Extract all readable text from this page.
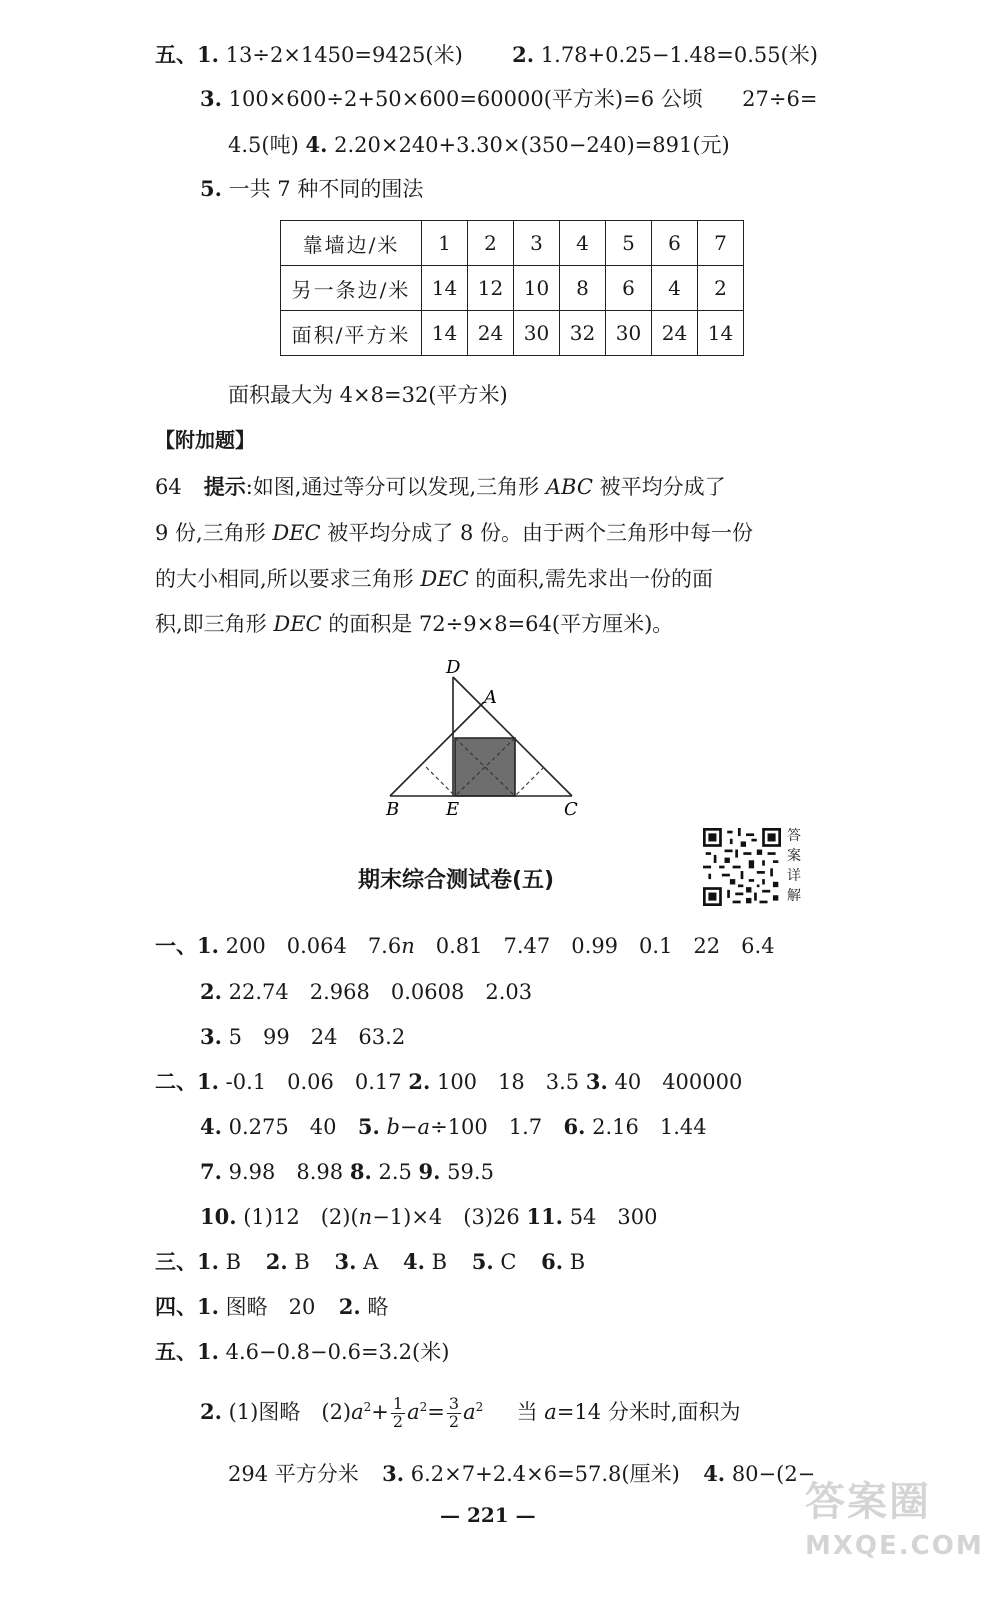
五、1. 13÷2×1450=9425(米) 2. 1.78+0.25−1.48=0.55(米)
3. 100×600÷2+50×600=60000(平方米)=6 公顷 27÷6=
4.5(吨) 4. 2.20×240+3.30×(350−240)=891(元)
5. 一共 7 种不同的围法
靠墙边/米	1	2	3	4	5	6	7
另一条边/米	14	12	10	8	6	4	2
面积/平方米	14	24	30	32	30	24	14
面积最大为 4×8=32(平方米)
【附加题】
64 提示:如图,通过等分可以发现,三角形 ABC 被平均分成了
9 份,三角形 DEC 被平均分成了 8 份。由于两个三角形中每一份
的大小相同,所以要求三角形 DEC 的面积,需先求出一份的面
积,即三角形 DEC 的面积是 72÷9×8=64(平方厘米)。
D
A
B	E	C
答
案
详
解
期末综合测试卷(五)
一、1. 200　0.064　7.6n　0.81　7.47　0.99　0.1　22　6.4
2. 22.74　2.968　0.0608　2.03
3. 5　99　24　63.2
二、1. -0.1　0.06　0.17 2. 100　18　3.5 3. 40　400000
4. 0.275　40 5. b−a÷100　1.7 6. 2.16　1.44
7. 9.98　8.98 8. 2.5 9. 59.5
10. (1)12　(2)(n−1)×4　(3)26 11. 54　300
三、1. B 2. B 3. A 4. B 5. C 6. B
四、1. 图略　20 2. 略
五、1. 4.6−0.8−0.6=3.2(米)
2. (1)图略　$(2)a^2+ \frac{1}{2} a^2= \frac{3}{2} a^2$ 当 a=14 分米时,面积为
294 平方分米 3. 6.2×7+2.4×6=57.8(厘米) 4. 80−(2−
— 221 —	答案圈
MXQE.COM
